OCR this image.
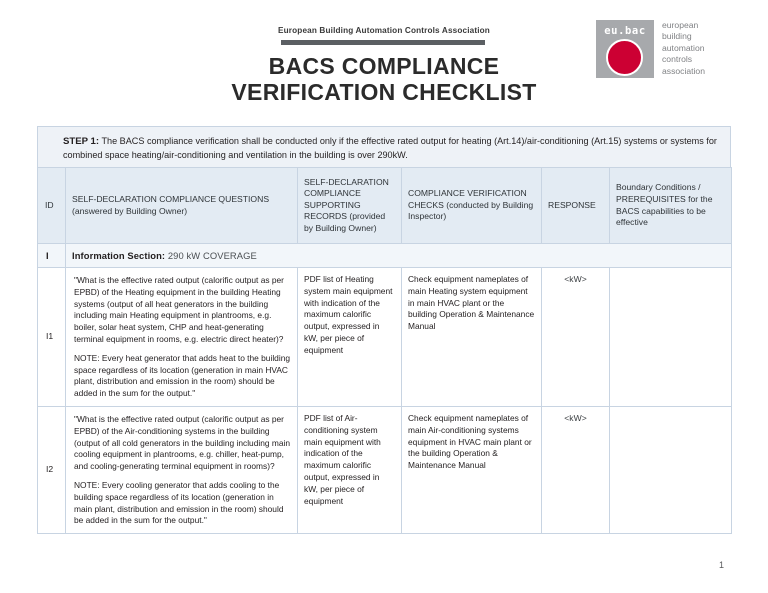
European Building Automation Controls Association
BACS COMPLIANCE
VERIFICATION CHECKLIST
eu.bac	european
building
automation
controls
association
STEP 1: The BACS compliance verification shall be conducted only if the effective rated output for heating (Art.14)/air-conditioning (Art.15) systems or systems for combined space heating/air-conditioning and ventilation in the building is over 290kW.
ID	SELF-DECLARATION COMPLIANCE QUESTIONS (answered by Building Owner)	SELF-DECLARATION COMPLIANCE SUPPORTING RECORDS (provided by Building Owner)	COMPLIANCE VERIFICATION CHECKS (conducted by Building Inspector)	RESPONSE	Boundary Conditions / PREREQUISITES for the BACS capabilities to be effective
I	Information Section: 290 kW COVERAGE				
I1	"What is the effective rated output (calorific output as per EPBD) of the Heating equipment in the building Heating systems (output of all heat generators in the building including main Heating equipment in plantrooms, e.g. boiler, solar heat system, CHP and heat-generating terminal equipment in rooms, e.g. electric direct heater)?

NOTE: Every heat generator that adds heat to the building space regardless of its location (generation in main HVAC plant, distribution and emission in the room) should be added in the sum for the output."	PDF list of Heating system main equipment with indication of the maximum calorific output, expressed in kW, per piece of equipment	Check equipment nameplates of main Heating system equipment in main HVAC plant or the building Operation & Maintenance Manual	<kW>	
I2	"What is the effective rated output (calorific output as per EPBD) of the Air-conditioning systems in the building (output of all cold generators in the building including main cooling equipment in plantrooms, e.g. chiller, heat-pump, and cooling-generating terminal equipment in rooms)?

NOTE: Every cooling generator that adds cooling to the building space regardless of its location (generation in main plant, distribution and emission in the room) should be added in the sum for the output."	PDF list of Air-conditioning system main equipment with indication of the maximum calorific output, expressed in kW, per piece of equipment	Check equipment nameplates of main Air-conditioning systems equipment in HVAC main plant or the building Operation & Maintenance Manual	<kW>	
1
